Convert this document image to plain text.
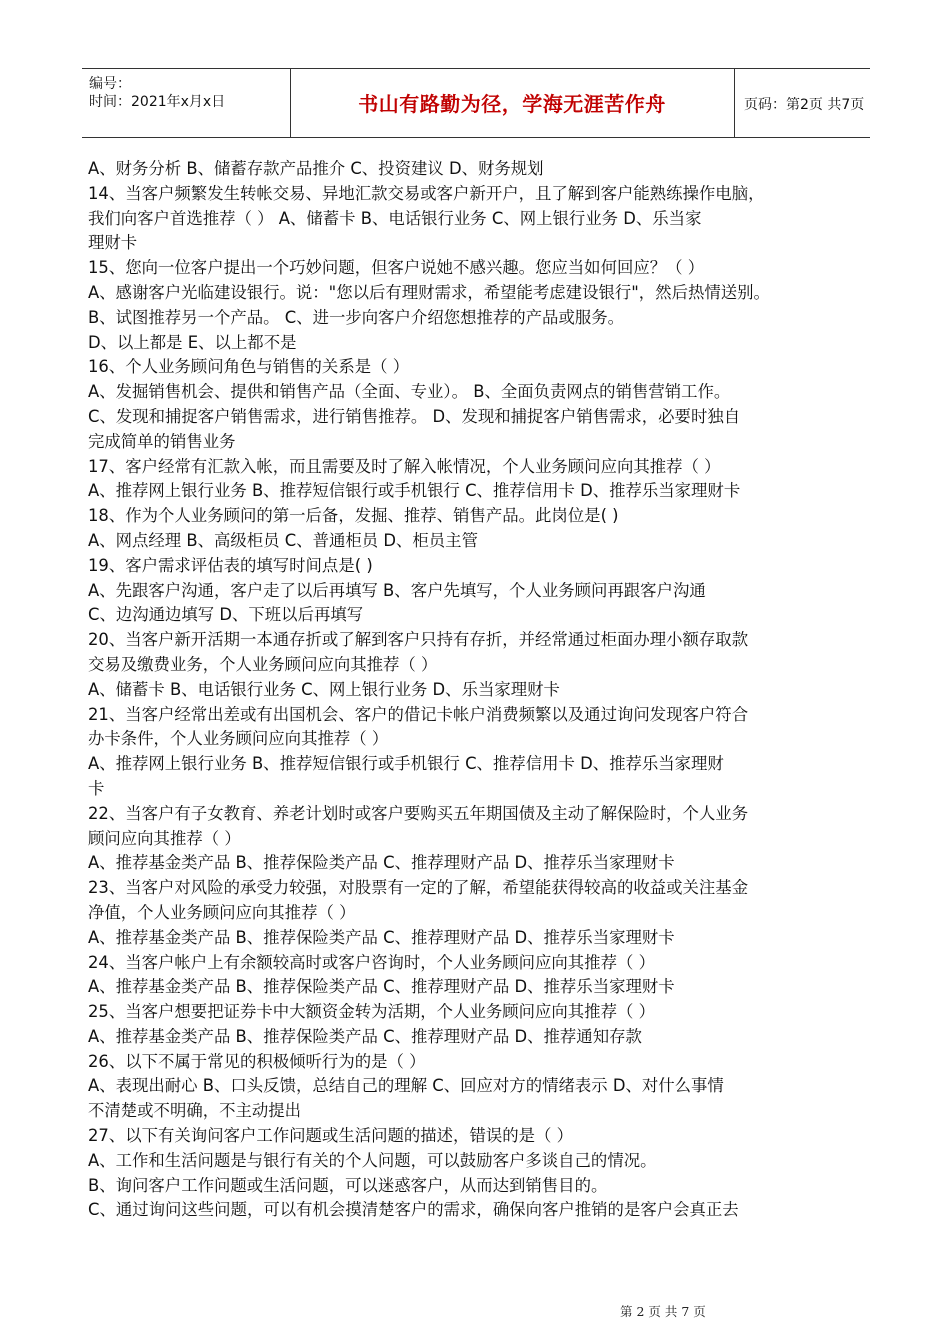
编号：
时间：2021年x月x日	书山有路勤为径，学海无涯苦作舟	页码：第2页 共7页
A、财务分析 B、储蓄存款产品推介 C、投资建议 D、财务规划
14、当客户频繁发生转帐交易、异地汇款交易或客户新开户，且了解到客户能熟练操作电脑，
我们向客户首选推荐（ ） A、储蓄卡 B、电话银行业务 C、网上银行业务 D、乐当家
理财卡
15、您向一位客户提出一个巧妙问题，但客户说她不感兴趣。您应当如何回应？（ ）
A、感谢客户光临建设银行。说："您以后有理财需求，希望能考虑建设银行"，然后热情送别。
B、试图推荐另一个产品。 C、进一步向客户介绍您想推荐的产品或服务。
D、以上都是 E、以上都不是
16、个人业务顾问角色与销售的关系是（ ）
A、发掘销售机会、提供和销售产品（全面、专业）。 B、全面负责网点的销售营销工作。
C、发现和捕捉客户销售需求，进行销售推荐。 D、发现和捕捉客户销售需求，必要时独自
完成简单的销售业务
17、客户经常有汇款入帐，而且需要及时了解入帐情况，个人业务顾问应向其推荐（ ）
A、推荐网上银行业务 B、推荐短信银行或手机银行 C、推荐信用卡 D、推荐乐当家理财卡
18、作为个人业务顾问的第一后备，发掘、推荐、销售产品。此岗位是( )
A、网点经理 B、高级柜员 C、普通柜员 D、柜员主管
19、客户需求评估表的填写时间点是( )
A、先跟客户沟通，客户走了以后再填写 B、客户先填写，个人业务顾问再跟客户沟通
C、边沟通边填写 D、下班以后再填写
20、当客户新开活期一本通存折或了解到客户只持有存折，并经常通过柜面办理小额存取款
交易及缴费业务，个人业务顾问应向其推荐（ ）
A、储蓄卡 B、电话银行业务 C、网上银行业务 D、乐当家理财卡
21、当客户经常出差或有出国机会、客户的借记卡帐户消费频繁以及通过询问发现客户符合
办卡条件，个人业务顾问应向其推荐（ ）
A、推荐网上银行业务 B、推荐短信银行或手机银行 C、推荐信用卡 D、推荐乐当家理财
卡
22、当客户有子女教育、养老计划时或客户要购买五年期国债及主动了解保险时，个人业务
顾问应向其推荐（ ）
A、推荐基金类产品 B、推荐保险类产品 C、推荐理财产品 D、推荐乐当家理财卡
23、当客户对风险的承受力较强，对股票有一定的了解，希望能获得较高的收益或关注基金
净值，个人业务顾问应向其推荐（ ）
A、推荐基金类产品 B、推荐保险类产品 C、推荐理财产品 D、推荐乐当家理财卡
24、当客户帐户上有余额较高时或客户咨询时，个人业务顾问应向其推荐（ ）
A、推荐基金类产品 B、推荐保险类产品 C、推荐理财产品 D、推荐乐当家理财卡
25、当客户想要把证券卡中大额资金转为活期，个人业务顾问应向其推荐（ ）
A、推荐基金类产品 B、推荐保险类产品 C、推荐理财产品 D、推荐通知存款
26、以下不属于常见的积极倾听行为的是（ ）
A、表现出耐心 B、口头反馈，总结自己的理解 C、回应对方的情绪表示 D、对什么事情
不清楚或不明确，不主动提出
27、以下有关询问客户工作问题或生活问题的描述，错误的是（ ）
A、工作和生活问题是与银行有关的个人问题，可以鼓励客户多谈自己的情况。
B、询问客户工作问题或生活问题，可以迷惑客户，从而达到销售目的。
C、通过询问这些问题，可以有机会摸清楚客户的需求，确保向客户推销的是客户会真正去
第 2 页 共 7 页
